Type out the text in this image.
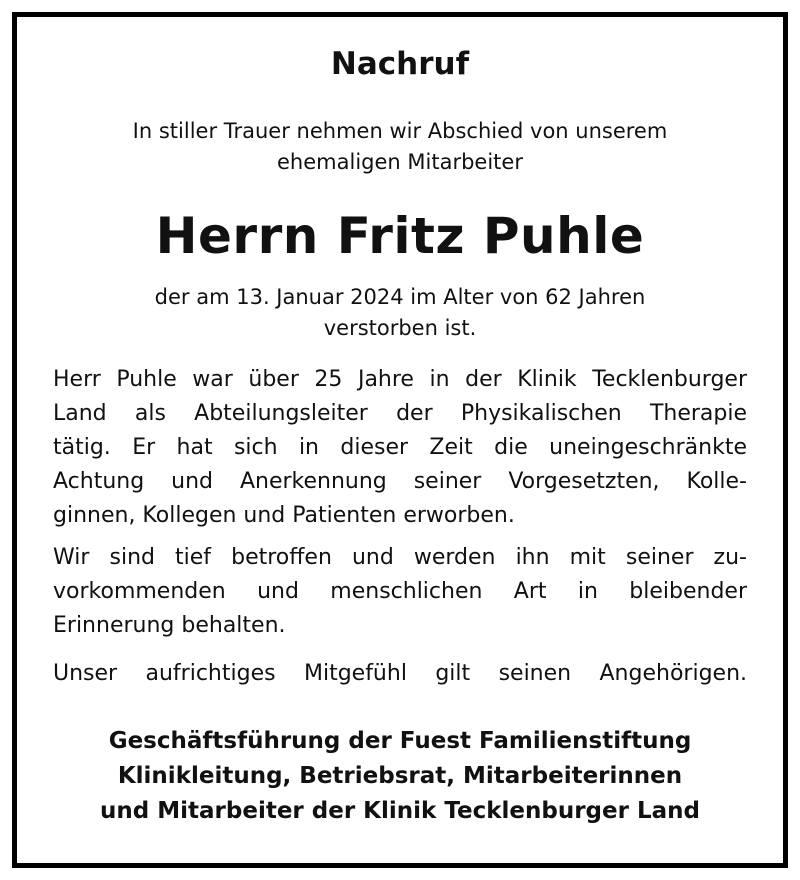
Nachruf
In stiller Trauer nehmen wir Abschied von unserem
ehemaligen Mitarbeiter
Herrn Fritz Puhle
der am 13. Januar 2024 im Alter von 62 Jahren
verstorben ist.
Herr Puhle war über 25 Jahre in der Klinik Tecklenburger
Land als Abteilungsleiter der Physikalischen Therapie
tätig. Er hat sich in dieser Zeit die uneingeschränkte
Achtung und Anerkennung seiner Vorgesetzten, Kolle-
ginnen, Kollegen und Patienten erworben.
Wir sind tief betroffen und werden ihn mit seiner zu-
vorkommenden und menschlichen Art in bleibender
Erinnerung behalten.
Unser aufrichtiges Mitgefühl gilt seinen Angehörigen.
Geschäftsführung der Fuest Familienstiftung
Klinikleitung, Betriebsrat, Mitarbeiterinnen
und Mitarbeiter der Klinik Tecklenburger Land
